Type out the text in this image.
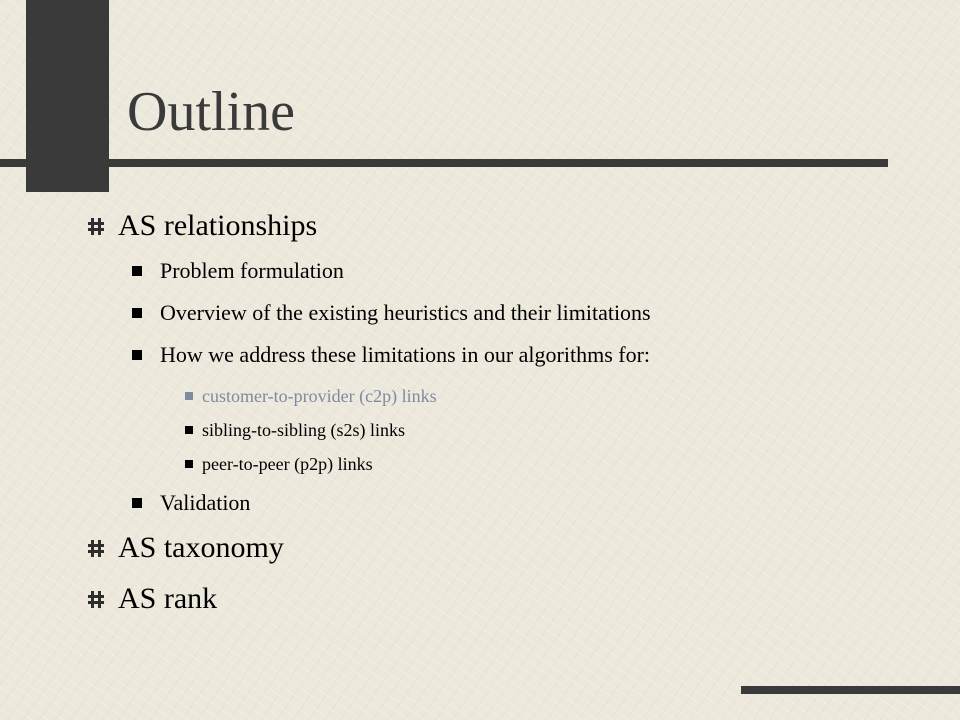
Outline
AS relationships
Problem formulation
Overview of the existing heuristics and their limitations
How we address these limitations in our algorithms for:
customer-to-provider (c2p) links
sibling-to-sibling (s2s) links
peer-to-peer (p2p) links
Validation
AS taxonomy
AS rank
